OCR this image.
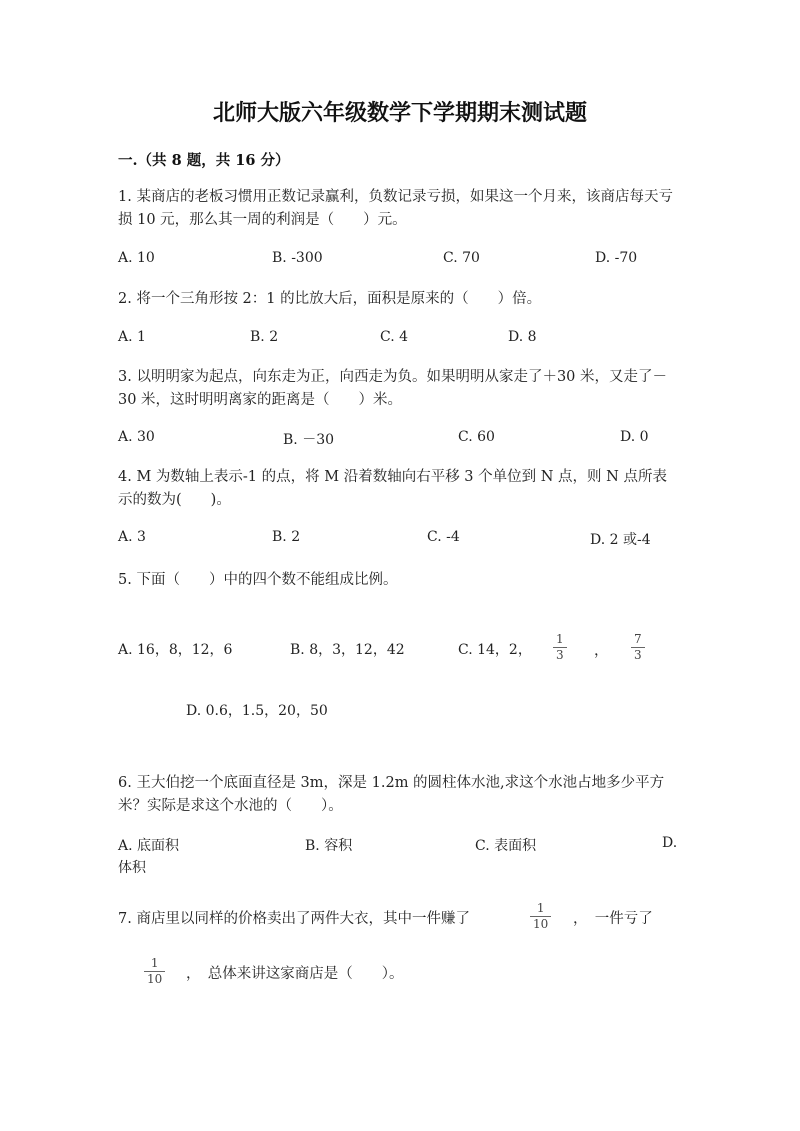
北师大版六年级数学下学期期末测试题
一.（共 8 题，共 16 分）
1. 某商店的老板习惯用正数记录赢利，负数记录亏损，如果这一个月来，该商店每天亏损 10 元，那么其一周的利润是（　　）元。
A. 10	B. -300	C. 70	D. -70
2. 将一个三角形按 2：1 的比放大后，面积是原来的（　　）倍。
A. 1	B. 2	C. 4	D. 8
3. 以明明家为起点，向东走为正，向西走为负。如果明明从家走了＋30 米，又走了－30 米，这时明明离家的距离是（　　）米。
A. 30	B. －30	C. 60	D. 0
4. M 为数轴上表示-1 的点，将 M 沿着数轴向右平移 3 个单位到 N 点，则 N 点所表示的数为(　　)。
A. 3	B. 2	C. -4	D. 2 或-4
5. 下面（　　）中的四个数不能组成比例。
A. 16，8，12，6	B. 8，3，12，42	C. 14，2，
1
3 ，
7
3
D. 0.6，1.5，20，50
6. 王大伯挖一个底面直径是 3m，深是 1.2m 的圆柱体水池,求这个水池占地多少平方米？实际是求这个水池的（　　）。
A. 底面积	B. 容积	C. 表面积	D.
体积
7. 商店里以同样的价格卖出了两件大衣，其中一件赚了
1
10 ，　一件亏了
1
10 ，　总体来讲这家商店是（　　）。
